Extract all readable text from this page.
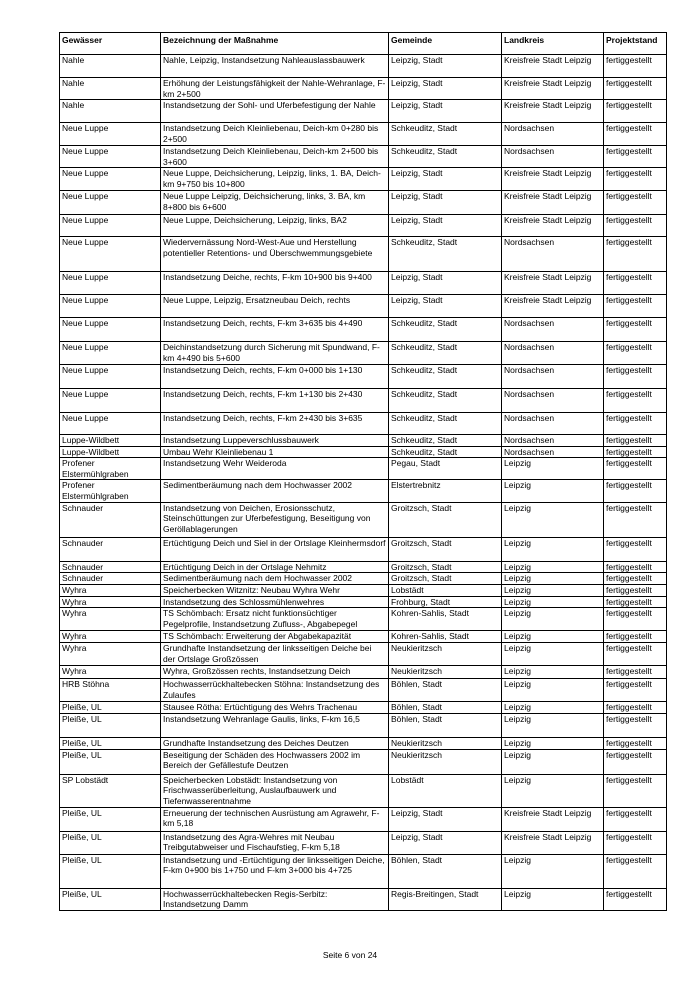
Gewässer	Bezeichnung der Maßnahme	Gemeinde	Landkreis	Projektstand
Nahle	Nahle, Leipzig, Instandsetzung Nahleauslassbauwerk	Leipzig, Stadt	Kreisfreie Stadt Leipzig	fertiggestellt
Nahle	Erhöhung der Leistungsfähigkeit der Nahle-Wehranlage, F-km 2+500	Leipzig, Stadt	Kreisfreie Stadt Leipzig	fertiggestellt
Nahle	Instandsetzung der Sohl- und Uferbefestigung der Nahle	Leipzig, Stadt	Kreisfreie Stadt Leipzig	fertiggestellt
Neue Luppe	Instandsetzung Deich Kleinliebenau, Deich-km 0+280 bis 2+500	Schkeuditz, Stadt	Nordsachsen	fertiggestellt
Neue Luppe	Instandsetzung Deich Kleinliebenau, Deich-km 2+500 bis 3+600	Schkeuditz, Stadt	Nordsachsen	fertiggestellt
Neue Luppe	Neue Luppe, Deichsicherung, Leipzig, links, 1. BA, Deich-km 9+750 bis 10+800	Leipzig, Stadt	Kreisfreie Stadt Leipzig	fertiggestellt
Neue Luppe	Neue Luppe Leipzig, Deichsicherung, links, 3. BA, km 8+800 bis 6+600	Leipzig, Stadt	Kreisfreie Stadt Leipzig	fertiggestellt
Neue Luppe	Neue Luppe, Deichsicherung, Leipzig, links, BA2	Leipzig, Stadt	Kreisfreie Stadt Leipzig	fertiggestellt
Neue Luppe	Wiedervernässung Nord-West-Aue und Herstellung potentieller Retentions- und Überschwemmungsgebiete	Schkeuditz, Stadt	Nordsachsen	fertiggestellt
Neue Luppe	Instandsetzung Deiche, rechts, F-km 10+900 bis 9+400	Leipzig, Stadt	Kreisfreie Stadt Leipzig	fertiggestellt
Neue Luppe	Neue Luppe, Leipzig, Ersatzneubau Deich, rechts	Leipzig, Stadt	Kreisfreie Stadt Leipzig	fertiggestellt
Neue Luppe	Instandsetzung Deich, rechts, F-km 3+635 bis 4+490	Schkeuditz, Stadt	Nordsachsen	fertiggestellt
Neue Luppe	Deichinstandsetzung durch Sicherung mit Spundwand, F- km 4+490 bis 5+600	Schkeuditz, Stadt	Nordsachsen	fertiggestellt
Neue Luppe	Instandsetzung Deich, rechts, F-km 0+000 bis 1+130	Schkeuditz, Stadt	Nordsachsen	fertiggestellt
Neue Luppe	Instandsetzung Deich, rechts, F-km 1+130 bis 2+430	Schkeuditz, Stadt	Nordsachsen	fertiggestellt
Neue Luppe	Instandsetzung Deich, rechts, F-km 2+430 bis 3+635	Schkeuditz, Stadt	Nordsachsen	fertiggestellt
Luppe-Wildbett	Instandsetzung Luppeverschlussbauwerk	Schkeuditz, Stadt	Nordsachsen	fertiggestellt
Luppe-Wildbett	Umbau Wehr Kleinliebenau 1	Schkeuditz, Stadt	Nordsachsen	fertiggestellt
Profener Elstermühlgraben	Instandsetzung Wehr Weideroda	Pegau, Stadt	Leipzig	fertiggestellt
Profener Elstermühlgraben	Sedimentberäumung nach dem Hochwasser 2002	Elstertrebnitz	Leipzig	fertiggestellt
Schnauder	Instandsetzung von Deichen, Erosionsschutz, Steinschüttungen zur Uferbefestigung, Beseitigung von Geröllablagerungen	Groitzsch, Stadt	Leipzig	fertiggestellt
Schnauder	Ertüchtigung Deich und Siel in der Ortslage Kleinhermsdorf	Groitzsch, Stadt	Leipzig	fertiggestellt
Schnauder	Ertüchtigung Deich in der Ortslage Nehmitz	Groitzsch, Stadt	Leipzig	fertiggestellt
Schnauder	Sedimentberäumung nach dem Hochwasser 2002	Groitzsch, Stadt	Leipzig	fertiggestellt
Wyhra	Speicherbecken Witznitz: Neubau Wyhra Wehr	Lobstädt	Leipzig	fertiggestellt
Wyhra	Instandsetzung des Schlossmühlenwehres	Frohburg, Stadt	Leipzig	fertiggestellt
Wyhra	TS Schömbach: Ersatz nicht funktionsüchtiger Pegelprofile, Instandsetzung Zufluss-, Abgabepegel	Kohren-Sahlis, Stadt	Leipzig	fertiggestellt
Wyhra	TS Schömbach: Erweiterung der Abgabekapazität	Kohren-Sahlis, Stadt	Leipzig	fertiggestellt
Wyhra	Grundhafte Instandsetzung der linksseitigen Deiche bei der Ortslage Großzössen	Neukieritzsch	Leipzig	fertiggestellt
Wyhra	Wyhra, Großzössen rechts, Instandsetzung Deich	Neukieritzsch	Leipzig	fertiggestellt
HRB Stöhna	Hochwasserrückhaltebecken Stöhna: Instandsetzung des Zulaufes	Böhlen, Stadt	Leipzig	fertiggestellt
Pleiße, UL	Stausee Rötha: Ertüchtigung des Wehrs Trachenau	Böhlen, Stadt	Leipzig	fertiggestellt
Pleiße, UL	Instandsetzung Wehranlage Gaulis, links, F-km 16,5	Böhlen, Stadt	Leipzig	fertiggestellt
Pleiße, UL	Grundhafte Instandsetzung des Deiches Deutzen	Neukieritzsch	Leipzig	fertiggestellt
Pleiße, UL	Beseitigung der Schäden des Hochwassers 2002 im Bereich der Gefällestufe Deutzen	Neukieritzsch	Leipzig	fertiggestellt
SP Lobstädt	Speicherbecken Lobstädt: Instandsetzung von Frischwasserüberleitung, Auslaufbauwerk und Tiefenwasserentnahme	Lobstädt	Leipzig	fertiggestellt
Pleiße, UL	Erneuerung der technischen Ausrüstung am Agrawehr, F-km 5,18	Leipzig, Stadt	Kreisfreie Stadt Leipzig	fertiggestellt
Pleiße, UL	Instandsetzung des Agra-Wehres mit Neubau Treibgutabweiser und Fischaufstieg, F-km 5,18	Leipzig, Stadt	Kreisfreie Stadt Leipzig	fertiggestellt
Pleiße, UL	Instandsetzung und -Ertüchtigung der linksseitigen Deiche, F-km 0+900 bis 1+750 und F-km 3+000 bis 4+725	Böhlen, Stadt	Leipzig	fertiggestellt
Pleiße, UL	Hochwasserrückhaltebecken Regis-Serbitz: Instandsetzung Damm	Regis-Breitingen, Stadt	Leipzig	fertiggestellt
Seite 6 von 24
